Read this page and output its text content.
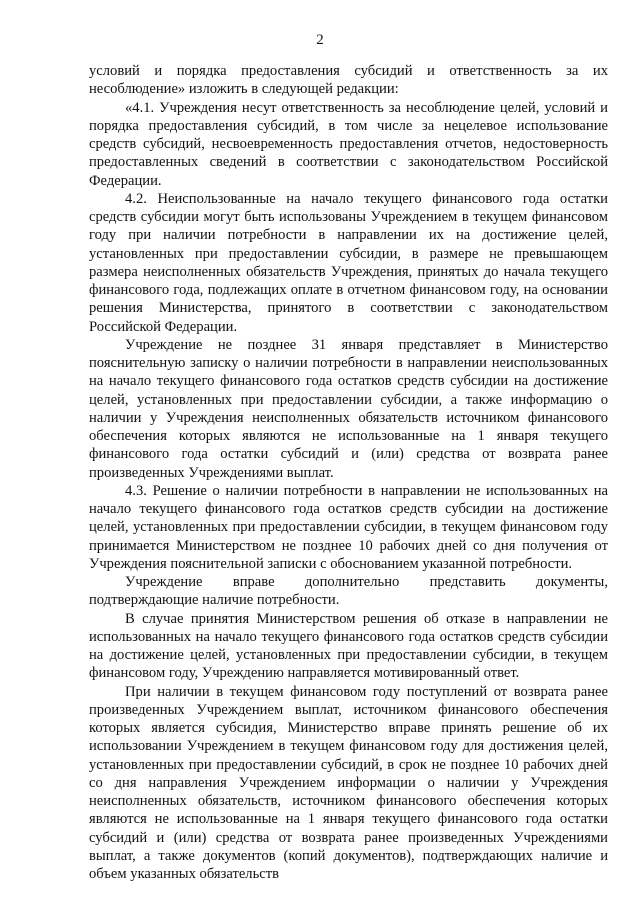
2

условий и порядка предоставления субсидий и ответственность за их несоблюдение» изложить в следующей редакции:

«4.1. Учреждения несут ответственность за несоблюдение целей, условий и порядка предоставления субсидий, в том числе за нецелевое использование средств субсидий, несвоевременность предоставления отчетов, недостоверность предоставленных сведений в соответствии с законодательством Российской Федерации.

4.2. Неиспользованные на начало текущего финансового года остатки средств субсидии могут быть использованы Учреждением в текущем финансовом году при наличии потребности в направлении их на достижение целей, установленных при предоставлении субсидии, в размере не превышающем размера неисполненных обязательств Учреждения, принятых до начала текущего финансового года, подлежащих оплате в отчетном финансовом году, на основании решения Министерства, принятого в соответствии с законодательством Российской Федерации.

Учреждение не позднее 31 января представляет в Министерство пояснительную записку о наличии потребности в направлении неиспользованных на начало текущего финансового года остатков средств субсидии на достижение целей, установленных при предоставлении субсидии, а также информацию о наличии у Учреждения неисполненных обязательств источником финансового обеспечения которых являются не использованные на 1 января текущего финансового года остатки субсидий и (или) средства от возврата ранее произведенных Учреждениями выплат.

4.3. Решение о наличии потребности в направлении не использованных на начало текущего финансового года остатков средств субсидии на достижение целей, установленных при предоставлении субсидии, в текущем финансовом году принимается Министерством не позднее 10 рабочих дней со дня получения от Учреждения пояснительной записки с обоснованием указанной потребности.

Учреждение вправе дополнительно представить документы, подтверждающие наличие потребности.

В случае принятия Министерством решения об отказе в направлении не использованных на начало текущего финансового года остатков средств субсидии на достижение целей, установленных при предоставлении субсидии, в текущем финансовом году, Учреждению направляется мотивированный ответ.

При наличии в текущем финансовом году поступлений от возврата ранее произведенных Учреждением выплат, источником финансового обеспечения которых является субсидия, Министерство вправе принять решение об их использовании Учреждением в текущем финансовом году для достижения целей, установленных при предоставлении субсидий, в срок не позднее 10 рабочих дней со дня направления Учреждением информации о наличии у Учреждения неисполненных обязательств, источником финансового обеспечения которых являются не использованные на 1 января текущего финансового года остатки субсидий и (или) средства от возврата ранее произведенных Учреждениями выплат, а также документов (копий документов), подтверждающих наличие и объем указанных обязательств
